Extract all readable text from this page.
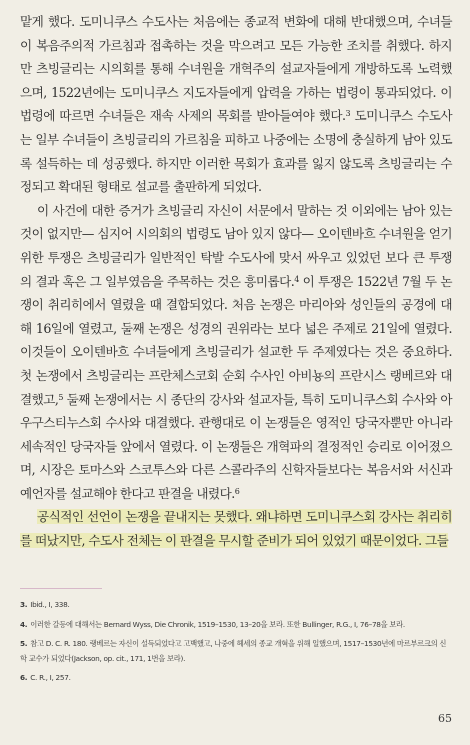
맡게 했다. 도미니쿠스 수도사는 처음에는 종교적 변화에 대해 반대했으며, 수녀들이 복음주의적 가르침과 접촉하는 것을 막으려고 모든 가능한 조치를 취했다. 하지만 츠빙글리는 시의회를 통해 수녀원을 개혁주의 설교자들에게 개방하도록 노력했으며, 1522년에는 도미니쿠스 지도자들에게 압력을 가하는 법령이 통과되었다. 이 법령에 따르면 수녀들은 재속 사제의 목회를 받아들여야 했다.$^3$ 도미니쿠스 수도사는 일부 수녀들이 츠빙글리의 가르침을 피하고 나중에는 소명에 충실하게 남아 있도록 설득하는 데 성공했다. 하지만 이러한 목회가 효과를 잃지 않도록 츠빙글리는 수정되고 확대된 형태로 설교를 출판하게 되었다.

이 사건에 대한 증거가 츠빙글리 자신이 서문에서 말하는 것 이외에는 남아 있는 것이 없지만— 심지어 시의회의 법령도 남아 있지 않다— 오이텐바흐 수녀원을 얻기 위한 투쟁은 츠빙글리가 일반적인 탁발 수도사에 맞서 싸우고 있었던 보다 큰 투쟁의 결과 혹은 그 일부였음을 주목하는 것은 흥미롭다.$^4$ 이 투쟁은 1522년 7월 두 논쟁이 취리히에서 열렸을 때 결합되었다. 처음 논쟁은 마리아와 성인들의 공경에 대해 16일에 열렸고, 둘째 논쟁은 성경의 권위라는 보다 넓은 주제로 21일에 열렸다. 이것들이 오이텐바흐 수녀들에게 츠빙글리가 설교한 두 주제였다는 것은 중요하다. 첫 논쟁에서 츠빙글리는 프란체스코회 순회 수사인 아비뇽의 프란시스 랭베르와 대결했고,$^5$ 둘째 논쟁에서는 시 종단의 강사와 설교자들, 특히 도미니쿠스회 수사와 아우구스티누스회 수사와 대결했다. 관행대로 이 논쟁들은 영적인 당국자뿐만 아니라 세속적인 당국자들 앞에서 열렸다. 이 논쟁들은 개혁파의 결정적인 승리로 이어졌으며, 시장은 토마스와 스코투스와 다른 스콜라주의 신학자들보다는 복음서와 서신과 예언자를 설교해야 한다고 판결을 내렸다.$^6$

공식적인 선언이 논쟁을 끝내지는 못했다. 왜냐하면 도미니쿠스회 강사는 취리히를 떠났지만, 수도사 전체는 이 판결을 무시할 준비가 되어 있었기 때문이었다. 그들

3. Ibid., I, 338.
4. 이러한 갈등에 대해서는 Bernard Wyss, Die Chronik, 1519–1530, 13–20을 보라. 또한 Bullinger, R.G., I, 76–78을 보라.
5. 참고 D. C. R. 180. 랭베르는 자신이 설득되었다고 고백했고, 나중에 헤세의 종교 개혁을 위해 일했으며, 1517–1530년에 마르부르크의 신학 교수가 되었다(Jackson, op. cit., 171, 1번을 보라).
6. C. R., I, 257.
65
